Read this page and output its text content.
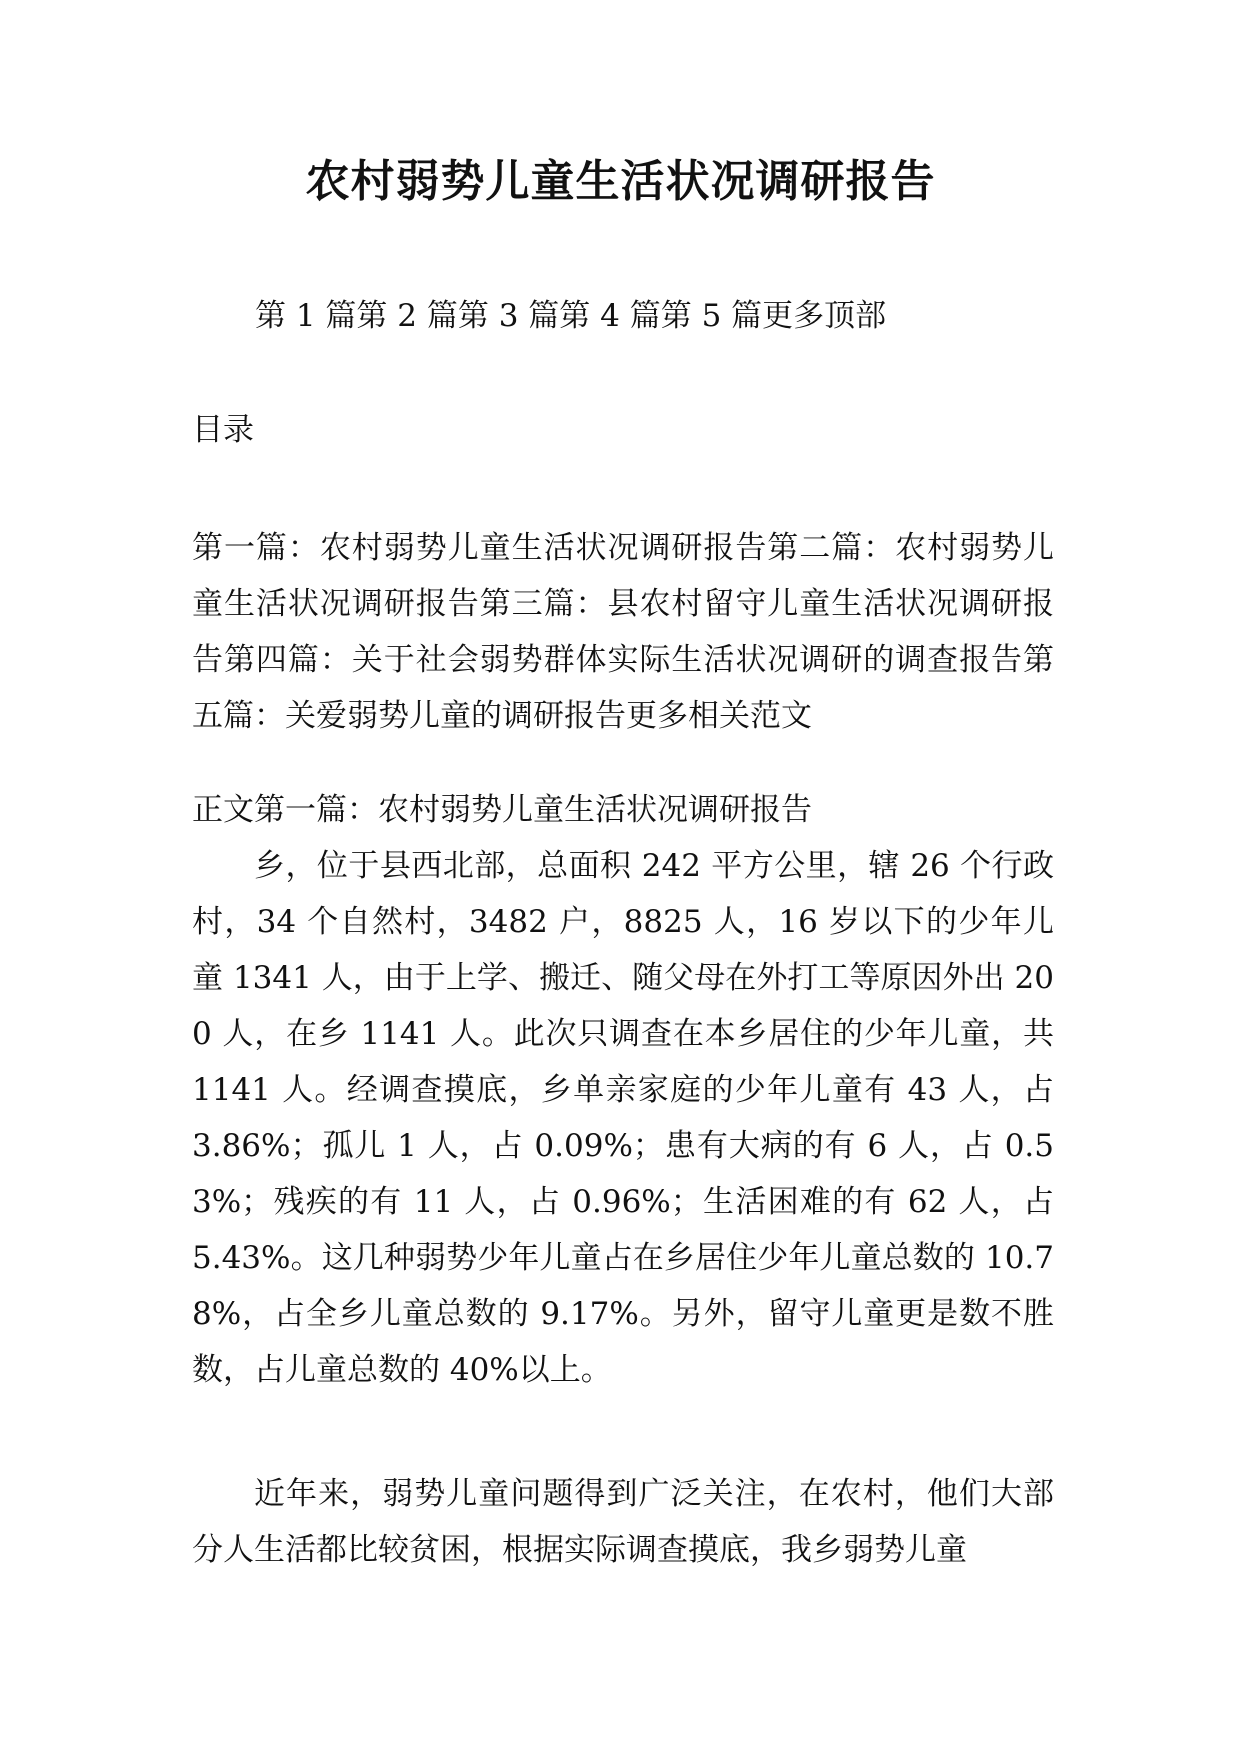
农村弱势儿童生活状况调研报告

第 1 篇第 2 篇第 3 篇第 4 篇第 5 篇更多顶部

目录

第一篇：农村弱势儿童生活状况调研报告第二篇：农村弱势儿童生活状况调研报告第三篇：县农村留守儿童生活状况调研报告第四篇：关于社会弱势群体实际生活状况调研的调查报告第五篇：关爱弱势儿童的调研报告更多相关范文

正文第一篇：农村弱势儿童生活状况调研报告

乡，位于县西北部，总面积 242 平方公里，辖 26 个行政村，34 个自然村，3482 户，8825 人，16 岁以下的少年儿童 1341 人，由于上学、搬迁、随父母在外打工等原因外出 200 人，在乡 1141 人。此次只调查在本乡居住的少年儿童，共 1141 人。经调查摸底，乡单亲家庭的少年儿童有 43 人，占 3.86%；孤儿 1 人，占 0.09%；患有大病的有 6 人，占 0.53%；残疾的有 11 人，占 0.96%；生活困难的有 62 人，占 5.43%。这几种弱势少年儿童占在乡居住少年儿童总数的 10.78%，占全乡儿童总数的 9.17%。另外，留守儿童更是数不胜数，占儿童总数的 40%以上。

近年来，弱势儿童问题得到广泛关注，在农村，他们大部分人生活都比较贫困，根据实际调查摸底，我乡弱势儿童
